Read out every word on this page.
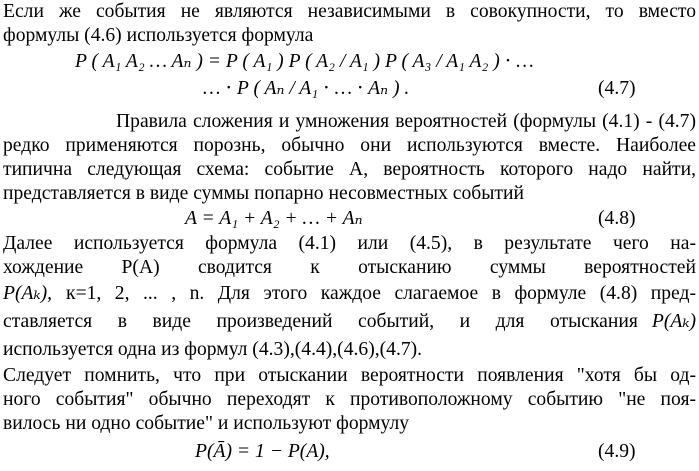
Если же события не являются независимыми в совокупности, то вместо
формулы (4.6) используется формула
P ( A₁ A₂ … Aₙ ) = P ( A₁ ) P ( A₂ / A₁ ) P ( A₃ / A₁ A₂ ) ⋅ …
… ⋅ P ( Aₙ / A₁ ⋅ … ⋅ Aₙ ) .	(4.7)
Правила сложения и умножения вероятностей (формулы (4.1) - (4.7)
редко применяются порознь, обычно они используются вместе. Наиболее
типична следующая схема: событие А, вероятность которого надо найти,
представляется в виде суммы попарно несовместных событий
A = A₁ + A₂ + … + Aₙ	(4.8)
Далее используется формула (4.1) или (4.5), в результате чего на-
хождение P(A) сводится к отысканию суммы вероятностей
P(Aₖ), к=1, 2, ... , n. Для этого каждое слагаемое в формуле (4.8) пред-
ставляется в виде произведений событий, и для отыскания P(Aₖ)
используется одна из формул (4.3),(4.4),(4.6),(4.7).
Следует помнить, что при отыскании вероятности появления "хотя бы од-
ного события" обычно переходят к противоположному событию "не поя-
вилось ни одно событие" и используют формулу
P(Ā) = 1 − P(A),	(4.9)
